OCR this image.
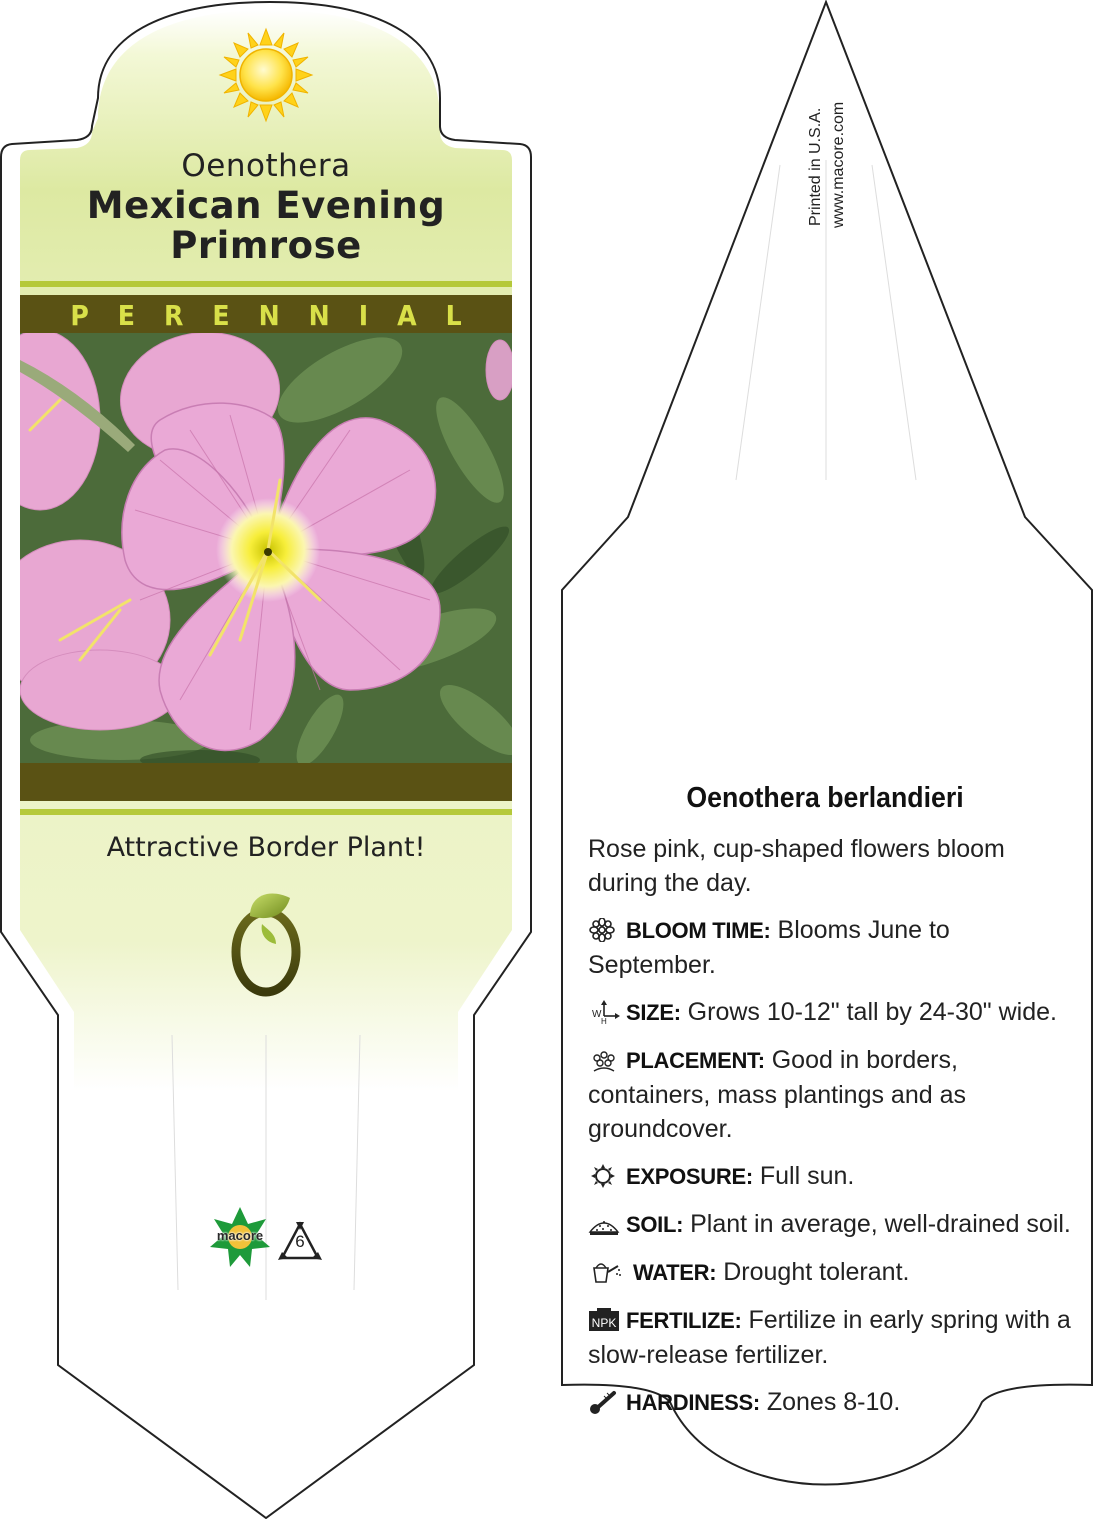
Oenothera
Mexican Evening
Primrose
PERENNIAL
Attractive Border Plant!
macore	6
Printed in U.S.A. www.macore.com
Oenothera berlandieri

Rose pink, cup-shaped flowers bloom during the day.

BLOOM TIME: Blooms June to September.

W
H SIZE: Grows 10-12" tall by 24-30" wide.

PLACEMENT: Good in borders, containers, mass plantings and as groundcover.

EXPOSURE: Full sun.

SOIL: Plant in average, well-drained soil.

WATER: Drought tolerant.

NPK FERTILIZE: Fertilize in early spring with a slow-release fertilizer.

HARDINESS: Zones 8-10.
